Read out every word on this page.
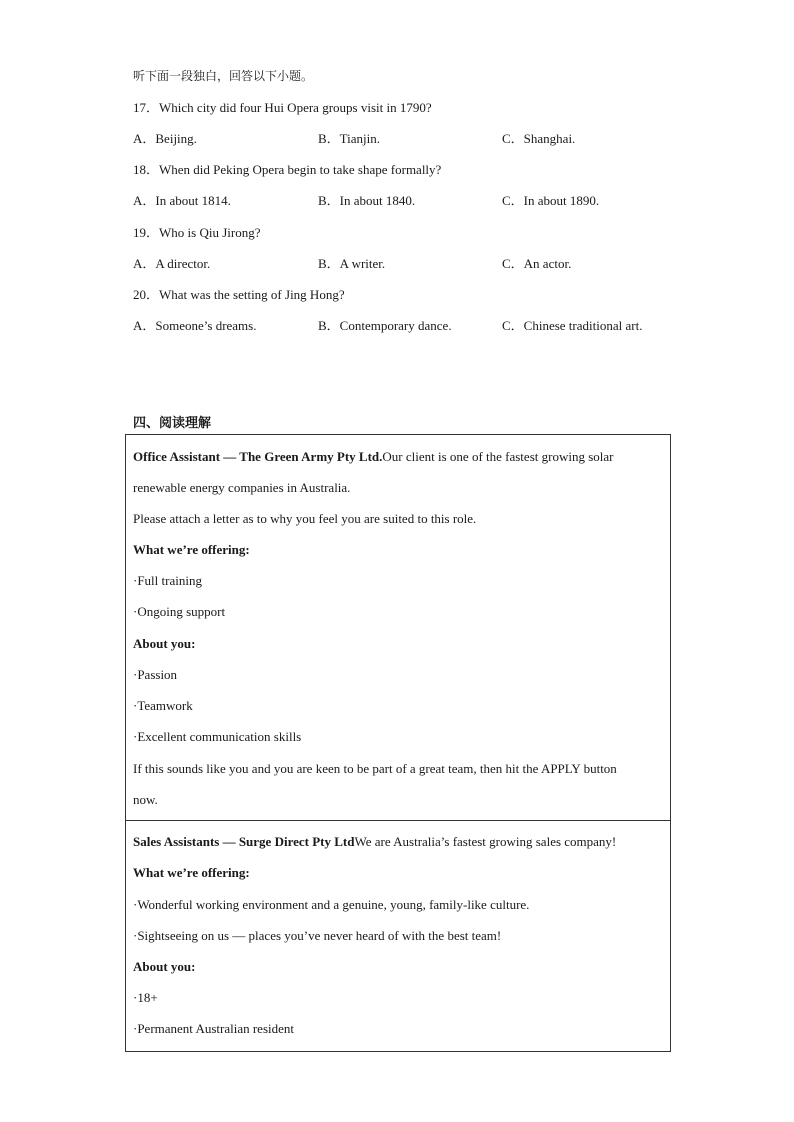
听下面一段独白，回答以下小题。
17．Which city did four Hui Opera groups visit in 1790?
A．Beijing.	B．Tianjin.	C．Shanghai.
18．When did Peking Opera begin to take shape formally?
A．In about 1814.	B．In about 1840.	C．In about 1890.
19．Who is Qiu Jirong?
A．A director.	B．A writer.	C．An actor.
20．What was the setting of Jing Hong?
A．Someone’s dreams.	B．Contemporary dance.	C．Chinese traditional art.
四、阅读理解
Office Assistant — The Green Army Pty Ltd.Our client is one of the fastest growing solar
renewable energy companies in Australia.
Please attach a letter as to why you feel you are suited to this role.
What we’re offering:
·Full training
·Ongoing support
About you:
·Passion
·Teamwork
·Excellent communication skills
If this sounds like you and you are keen to be part of a great team, then hit the APPLY button
now.
Sales Assistants — Surge Direct Pty LtdWe are Australia’s fastest growing sales company!
What we’re offering:
·Wonderful working environment and a genuine, young, family-like culture.
·Sightseeing on us — places you’ve never heard of with the best team!
About you:
·18+
·Permanent Australian resident
